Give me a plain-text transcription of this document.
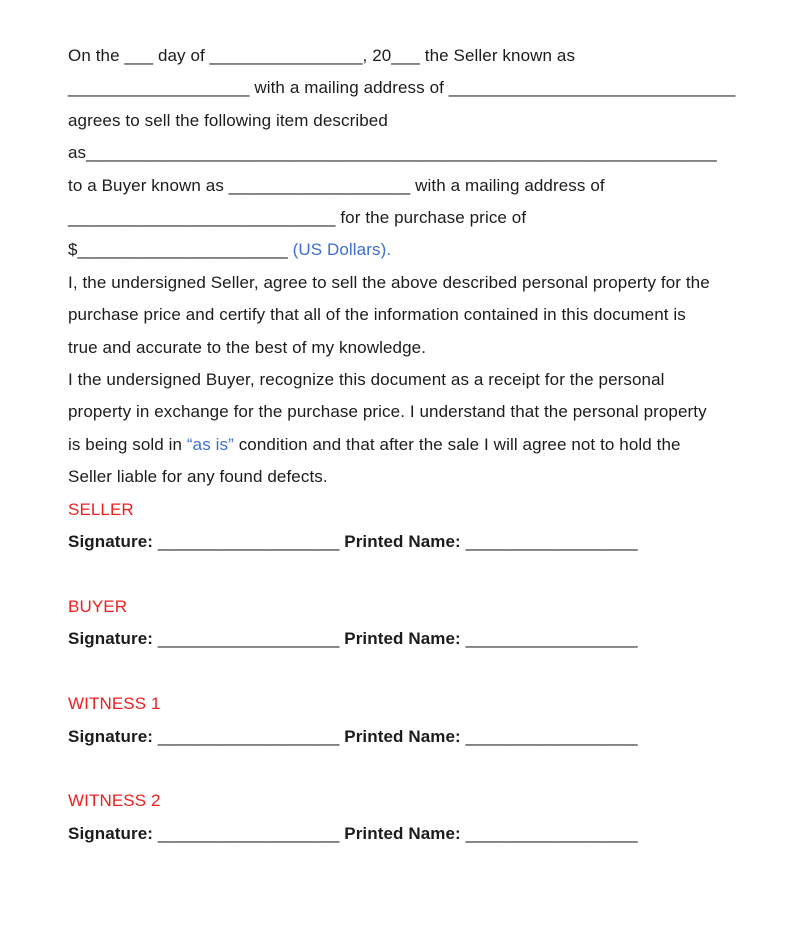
On the ___ day of ________________, 20___ the Seller known as
___________________ with a mailing address of ______________________________
agrees to sell the following item described
as__________________________________________________________________
to a Buyer known as ___________________ with a mailing address of
____________________________ for the purchase price of
$______________________ (US Dollars).
I, the undersigned Seller, agree to sell the above described personal property for the
purchase price and certify that all of the information contained in this document is
true and accurate to the best of my knowledge.
I the undersigned Buyer, recognize this document as a receipt for the personal
property in exchange for the purchase price. I understand that the personal property
is being sold in “as is” condition and that after the sale I will agree not to hold the
Seller liable for any found defects.
SELLER
Signature: ___________________ Printed Name: __________________
BUYER
Signature: ___________________ Printed Name: __________________
WITNESS 1
Signature: ___________________ Printed Name: __________________
WITNESS 2
Signature: ___________________ Printed Name: __________________
